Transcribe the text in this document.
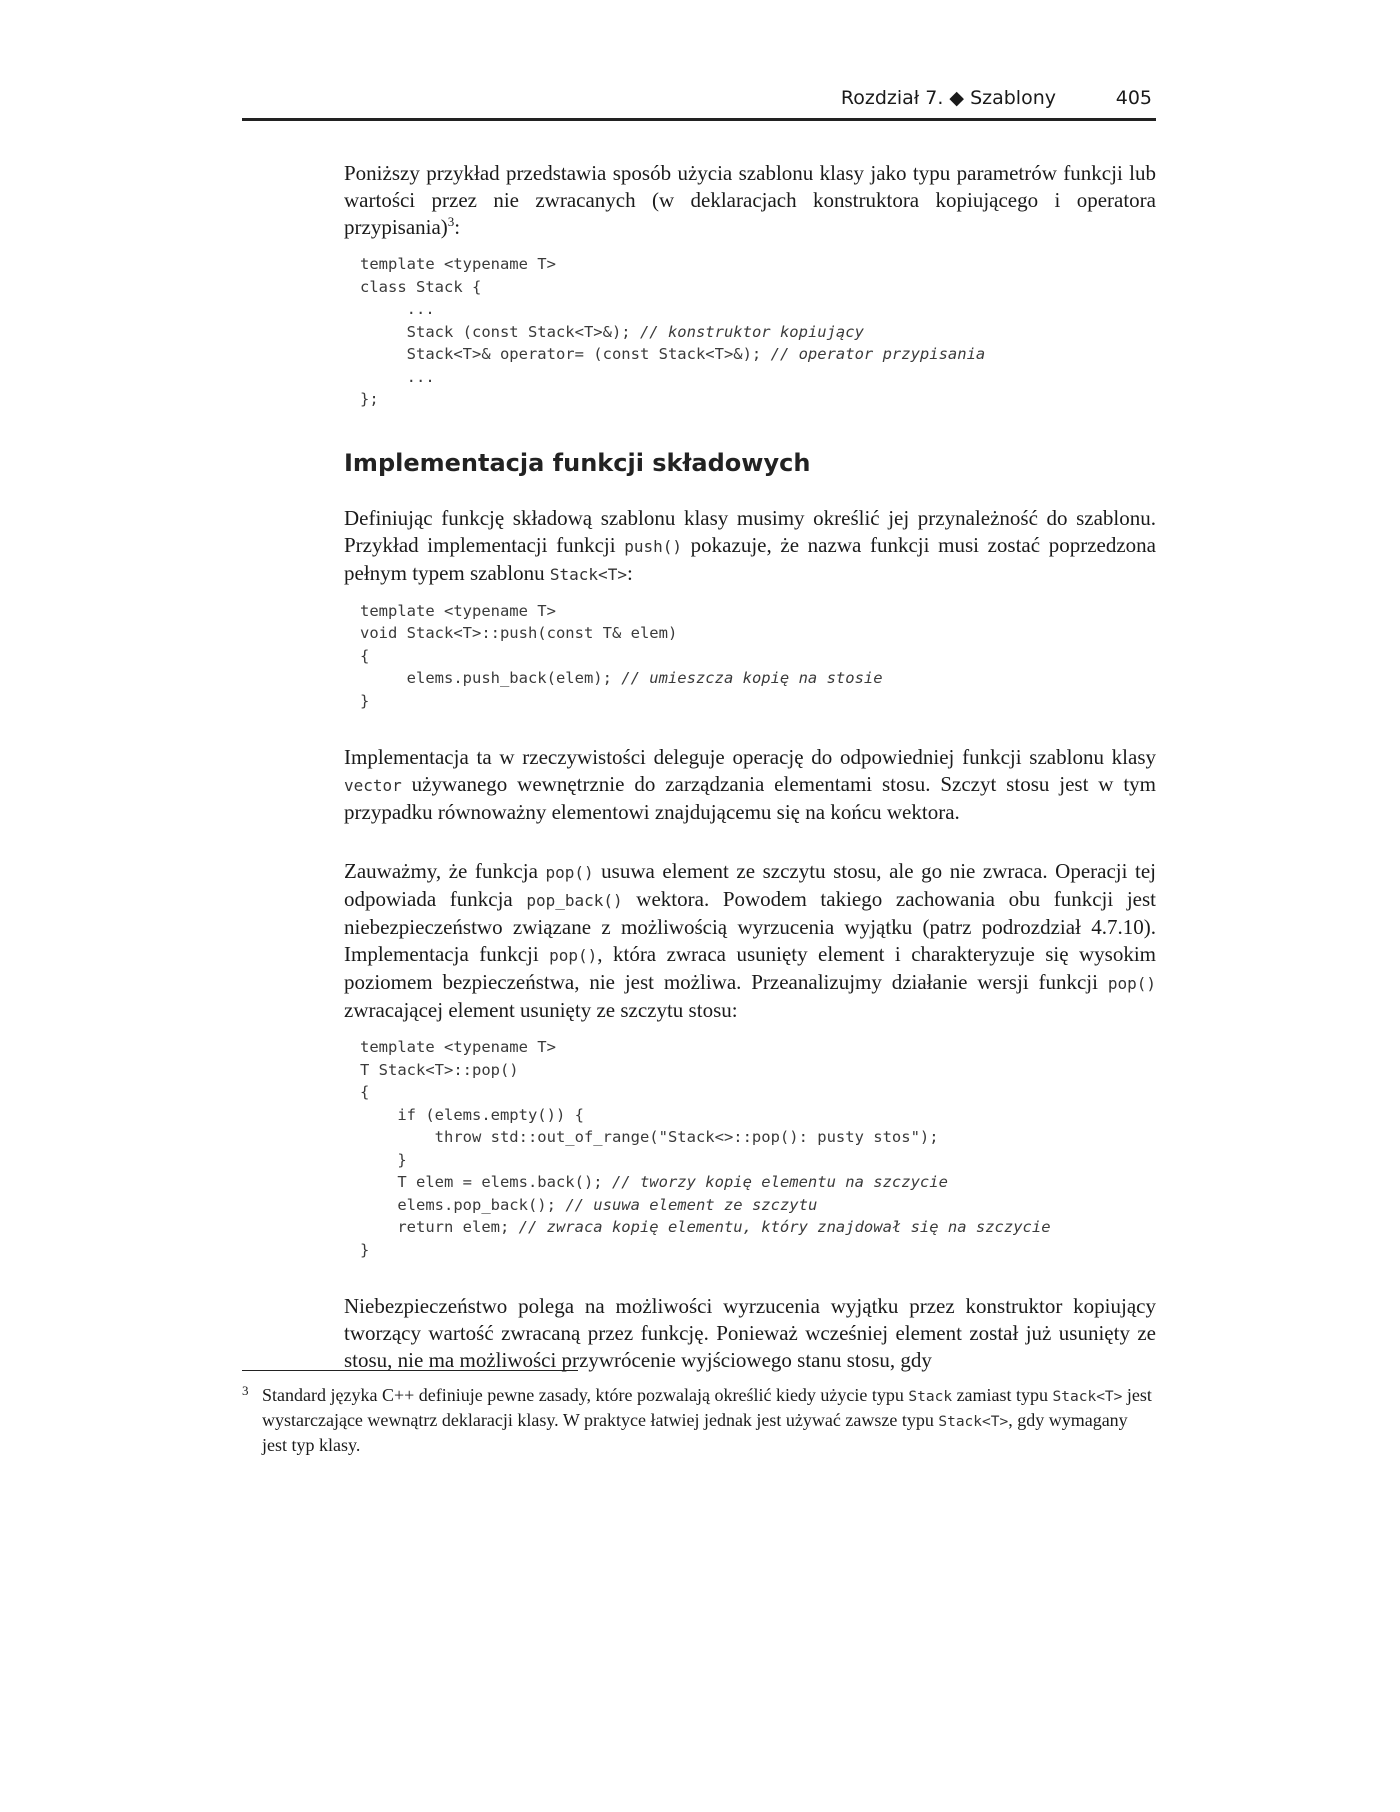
Rozdział 7. ◆ Szablony	405

Poniższy przykład przedstawia sposób użycia szablonu klasy jako typu parametrów funkcji lub wartości przez nie zwracanych (w deklaracjach konstruktora kopiującego i operatora przypisania)$^3$:

template <typename T>
class Stack {
...
Stack (const Stack<T>&); // konstruktor kopiujący
Stack<T>& operator= (const Stack<T>&); // operator przypisania
...
};
Implementacja funkcji składowych

Definiując funkcję składową szablonu klasy musimy określić jej przynależność do szablonu. Przykład implementacji funkcji push() pokazuje, że nazwa funkcji musi zostać poprzedzona pełnym typem szablonu Stack<T>:

template <typename T>
void Stack<T>::push(const T& elem)
{
elems.push_back(elem); // umieszcza kopię na stosie
}

Implementacja ta w rzeczywistości deleguje operację do odpowiedniej funkcji szablonu klasy vector używanego wewnętrznie do zarządzania elementami stosu. Szczyt stosu jest w tym przypadku równoważny elementowi znajdującemu się na końcu wektora.

Zauważmy, że funkcja pop() usuwa element ze szczytu stosu, ale go nie zwraca. Operacji tej odpowiada funkcja pop_back() wektora. Powodem takiego zachowania obu funkcji jest niebezpieczeństwo związane z możliwością wyrzucenia wyjątku (patrz podrozdział 4.7.10). Implementacja funkcji pop(), która zwraca usunięty element i charakteryzuje się wysokim poziomem bezpieczeństwa, nie jest możliwa. Przeanalizujmy działanie wersji funkcji pop() zwracającej element usunięty ze szczytu stosu:

template <typename T>
T Stack<T>::pop()
{
if (elems.empty()) {
throw std::out_of_range("Stack<>::pop(): pusty stos");
}
T elem = elems.back(); // tworzy kopię elementu na szczycie
elems.pop_back(); // usuwa element ze szczytu
return elem; // zwraca kopię elementu, który znajdował się na szczycie
}

Niebezpieczeństwo polega na możliwości wyrzucenia wyjątku przez konstruktor kopiujący tworzący wartość zwracaną przez funkcję. Ponieważ wcześniej element został już usunięty ze stosu, nie ma możliwości przywrócenie wyjściowego stanu stosu, gdy

3 Standard języka C++ definiuje pewne zasady, które pozwalają określić kiedy użycie typu Stack zamiast typu Stack<T> jest wystarczające wewnątrz deklaracji klasy. W praktyce łatwiej jednak jest używać zawsze typu Stack<T>, gdy wymagany jest typ klasy.
